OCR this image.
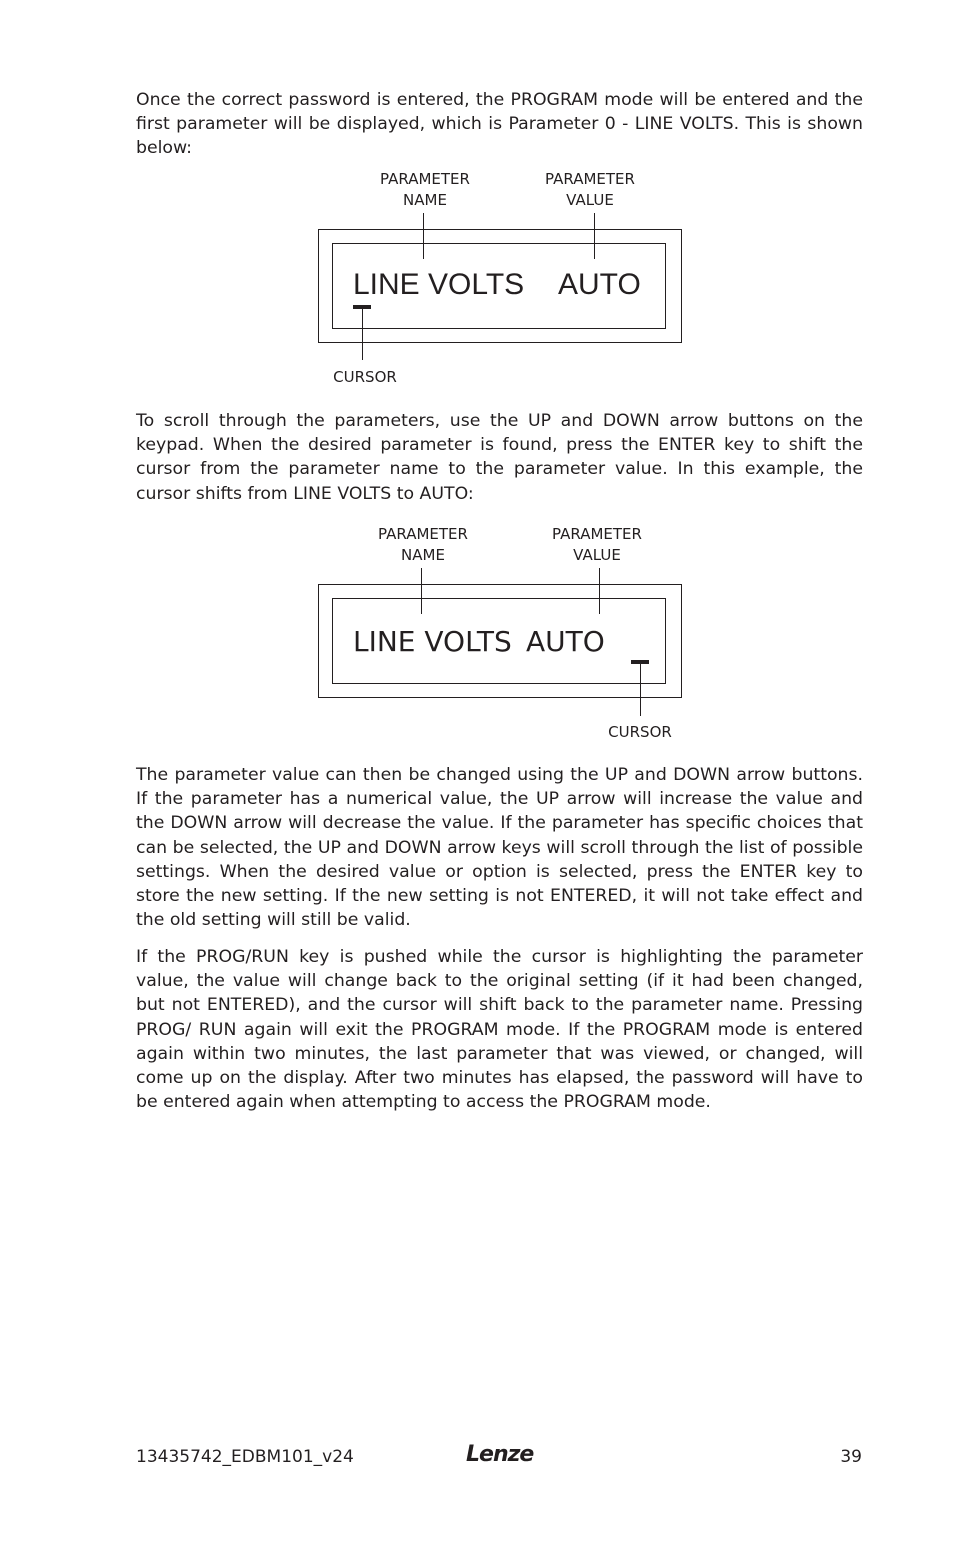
Once the correct password is entered, the PROGRAM mode will be entered and the first parameter will be displayed, which is Parameter 0 - LINE VOLTS. This is shown below:

PARAMETER
NAME
PARAMETER
VALUE
LINE VOLTS AUTO
CURSOR

To scroll through the parameters, use the UP and DOWN arrow buttons on the keypad. When the desired parameter is found, press the ENTER key to shift the cursor from the parameter name to the parameter value. In this example, the cursor shifts from LINE VOLTS to AUTO:

PARAMETER
NAME
PARAMETER
VALUE
LINE VOLTS AUTO
CURSOR

The parameter value can then be changed using the UP and DOWN arrow buttons. If the parameter has a numerical value, the UP arrow will increase the value and the DOWN arrow will decrease the value. If the parameter has specific choices that can be selected, the UP and DOWN arrow keys will scroll through the list of possible settings. When the desired value or option is selected, press the ENTER key to store the new setting. If the new setting is not ENTERED, it will not take effect and the old setting will still be valid.

If the PROG/RUN key is pushed while the cursor is highlighting the parameter value, the value will change back to the original setting (if it had been changed, but not ENTERED), and the cursor will shift back to the parameter name. Pressing PROG/ RUN again will exit the PROGRAM mode. If the PROGRAM mode is entered again within two minutes, the last parameter that was viewed, or changed, will come up on the display. After two minutes has elapsed, the password will have to be entered again when attempting to access the PROGRAM mode.

13435742_EDBM101_v24	Lenze	39
